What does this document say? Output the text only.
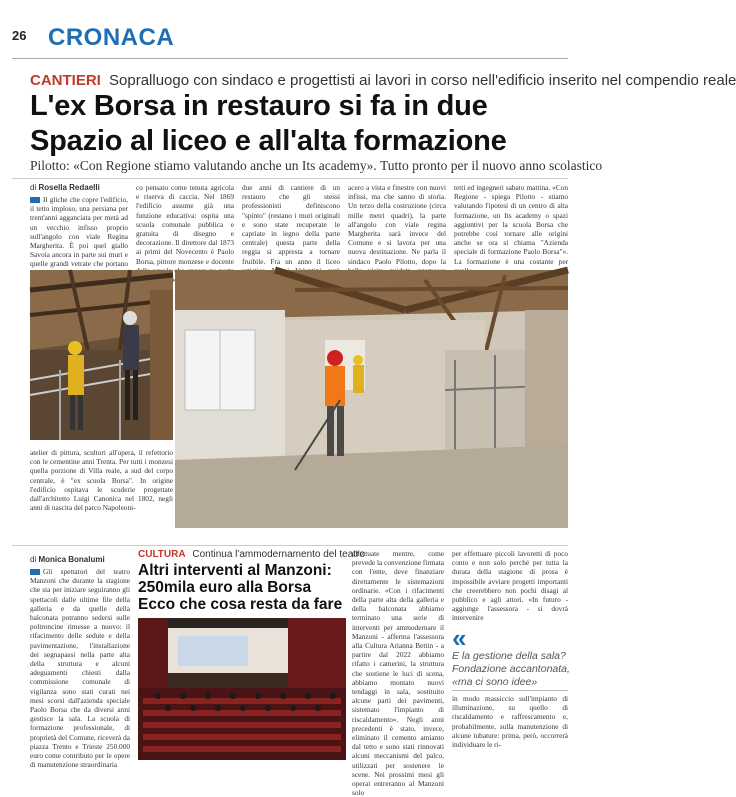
26 CRONACA
CANTIERI Sopralluogo con sindaco e progettisti ai lavori in corso nell'edificio inserito nel compendio reale
L'ex Borsa in restauro si fa in due
Spazio al liceo e all'alta formazione
Pilotto: «Con Regione stiamo valutando anche un Its academy». Tutto pronto per il nuovo anno scolastico
di Rosella Redaelli
Il gliche che copre l'edificio, il tetto imploso, una persiana per trent'anni agganciata per metà ad un vecchio infisso proprio sull'angolo con viale Regina Margherita. È poi quel giallo Savoia ancora in parte sui muri e quelle grandi vetrate che portano
co pensato come tenuta agricola e riserva di caccia. Nel 1869 l'edificio assume già una funzione educativa: ospita una scuola comunale pubblica e gratuita di disegno e decorazione. Il direttore dal 1873 ai primi del Novecento è Paolo Borsa, pittore monzese e docente
due anni di cantiere di un restauro che gli stessi professionisti definiscono "spinto" (restano i muri originali e sono state recuperate le capriate in legno della parte centrale) questa parte della reggia si appresta a tornare fruibile. Fra un anno il liceo
acero a vista e finestre con nuovi infissi, ma che sanno di storia. Un terzo della costruzione (circa mille metri quadri), la parte all'angolo con viale regina Margherita sarà invece del Comune e si lavora per una nuova destinazione. Ne parla il sindaco Paolo Pilotto, dopo la
tetti ed ingegneri sabato mattina. «Con Regione - spiega Pilotto - stiamo valutando l'ipotesi di un centro di alta formazione, un Its academy o spazi aggiuntivi per la scuola Borsa che potrebbe così tornare alle origini anche se ora si chiama "Azienda speciale di formazione Paolo Borsa"». La formazione è una costante per
atelier di pittura, scultori all'opera, il refettorio con le cementine anni Trenta. Per tutti i monzesi quella porzione di Villa reale, a sud del corpo centrale, è "ex scuola Borsa". In origine l'edificio ospitava le scuderie progettate dall'architetto Luigi Canonica nel 1802, negli anni di nascita del parco Napoleoni-
di Monica Bonalumi
Gli spettatori del teatro Manzoni che durante la stagione che sta per iniziare seguiranno gli spettacoli dalle ultime file della galleria e da quelle della balconata potranno sedersi sulle poltroncine rimesse a nuovo: il rifacimento delle sedute e della pavimentazione, l'installazione dei segnapassi nella parte alta della struttura e alcuni adeguamenti chiesti dalla commissione comunale di vigilanza sono stati curati nei mesi scorsi dall'azienda speciale Paolo Borsa che da diversi anni gestisce la sala. La scuola di formazione professionale, di proprietà del Comune, riceverà da piazza Trento e Trieste 250.000 euro come contributo per le opere di manutenzione straordinaria
CULTURA Continua l'ammodernamento del teatro
Altri interventi al Manzoni:
250mila euro alla Borsa
Ecco che cosa resta da fare
effettuate mentre, come prevede la convenzione firmata con l'ente, deve finanziare direttamente le sistemazioni ordinarie. «Con i rifacimenti della parte alta della galleria e della balconata abbiamo terminato una serie di interventi per ammodernare il Manzoni - afferma l'assessora alla Cultura Arianna Bettin - a partire dal 2022 abbiamo rifatto i camerini, la struttura che sostiene le luci di scena, abbiamo montato nuovi tendaggi in sala, sostituito alcune parti dei pavimenti, sistemato l'impianto di riscaldamento». Negli anni precedenti è stato, invece, eliminato il cemento amianto dal tetto e sono stati rinnovati alcuni meccanismi del palco, utilizzati per sostenere le scene. Nei prossimi mesi gli operai entreranno al Manzoni solo
per effettuare piccoli lavoretti di poco conto e non solo perché per tutta la durata della stagione di prosa è impossibile avviare progetti importanti che creerebbero non pochi disagi al pubblico e agli attori. «In futuro - aggiunge l'assessora - si dovrà intervenire
«
E la gestione della sala? Fondazione accantonata, «ma ci sono idee»
in modo massiccio sull'impianto di illuminazione, su quello di riscaldamento e raffrescamento e, probabilmente, sulla manutenzione di alcune tubature: prima, però, occorrerà individuare le ri-
